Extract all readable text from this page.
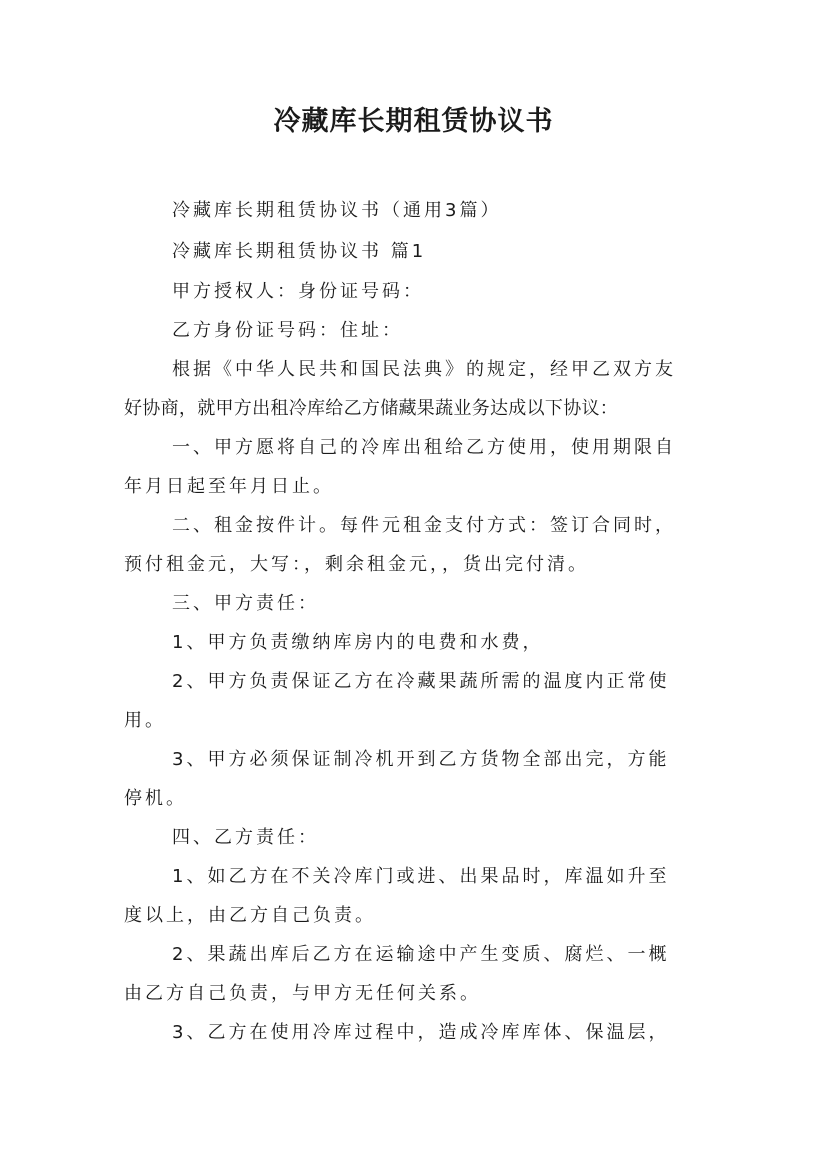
冷藏库长期租赁协议书
冷藏库长期租赁协议书（通用3篇）
冷藏库长期租赁协议书 篇1
甲方授权人：身份证号码：
乙方身份证号码：住址：
根据《中华人民共和国民法典》的规定，经甲乙双方友
好协商，就甲方出租冷库给乙方储藏果蔬业务达成以下协议：
一、甲方愿将自己的冷库出租给乙方使用，使用期限自
年月日起至年月日止。
二、租金按件计。每件元租金支付方式：签订合同时，
预付租金元，大写：，剩余租金元，，货出完付清。
三、甲方责任：
1、甲方负责缴纳库房内的电费和水费，
2、甲方负责保证乙方在冷藏果蔬所需的温度内正常使
用。
3、甲方必须保证制冷机开到乙方货物全部出完，方能
停机。
四、乙方责任：
1、如乙方在不关冷库门或进、出果品时，库温如升至
度以上，由乙方自己负责。
2、果蔬出库后乙方在运输途中产生变质、腐烂、一概
由乙方自己负责，与甲方无任何关系。
3、乙方在使用冷库过程中，造成冷库库体、保温层，
